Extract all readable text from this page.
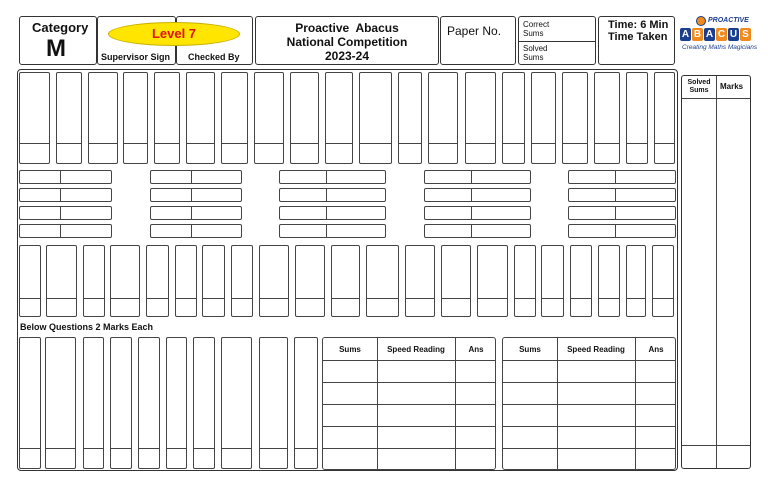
Category
M	Supervisor Sign Checked By
Level 7	Proactive  Abacus
National Competition
2023-24
Paper No.	Correct Sums
Solved Sums
Time: 6 Min
Time Taken
PROACTIVE
A B A C U S
Creating Maths Magicians
Solved Sums	Marks
Below Questions 2 Marks Each
Sums	Speed Reading	Ans	Sums	Speed Reading	Ans
